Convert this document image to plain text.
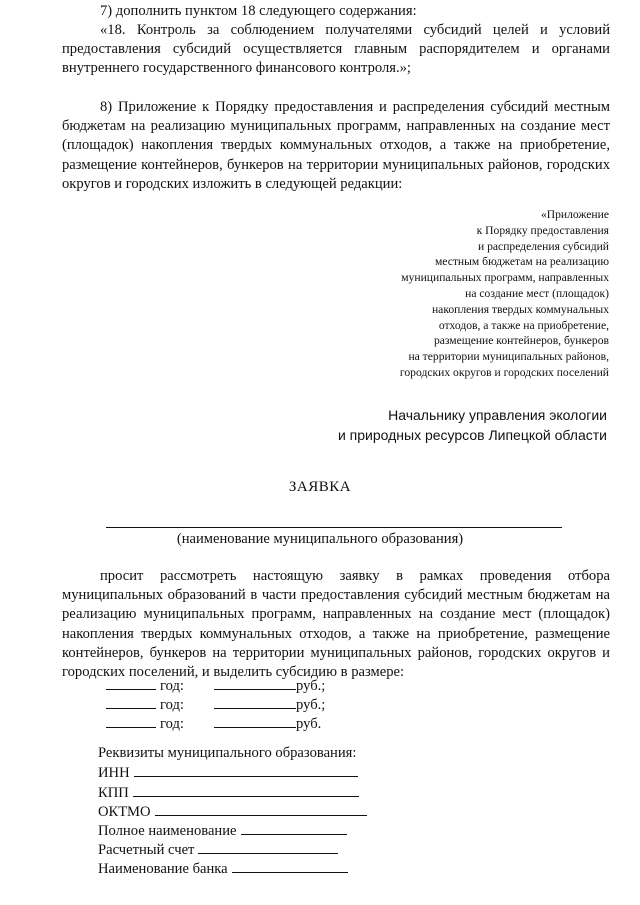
7) дополнить пунктом 18 следующего содержания:
«18. Контроль за соблюдением получателями субсидий целей и условий предоставления субсидий осуществляется главным распорядителем и органами внутреннего государственного финансового контроля.»;
8) Приложение к Порядку предоставления и распределения субсидий местным бюджетам на реализацию муниципальных программ, направленных на создание мест (площадок) накопления твердых коммунальных отходов, а также на приобретение, размещение контейнеров, бункеров на территории муниципальных районов, городских округов и городских изложить в следующей редакции:
«Приложение
к Порядку предоставления
и распределения субсидий
местным бюджетам на реализацию
муниципальных программ, направленных
на создание мест (площадок)
накопления твердых коммунальных
отходов, а также на приобретение,
размещение контейнеров, бункеров
на территории муниципальных районов,
городских округов и городских поселений
Начальнику управления экологии
и природных ресурсов Липецкой области
ЗАЯВКА
(наименование муниципального образования)
просит рассмотреть настоящую заявку в рамках проведения отбора муниципальных образований в части предоставления субсидий местным бюджетам на реализацию муниципальных программ, направленных на создание мест (площадок) накопления твердых коммунальных отходов, а также на приобретение, размещение контейнеров, бункеров на территории муниципальных районов, городских округов и городских поселений, и выделить субсидию в размере:
год:	руб.;
год:	руб.;
год:	руб.
Реквизиты муниципального образования:
ИНН
КПП
ОКТМО
Полное наименование
Расчетный счет
Наименование банка
